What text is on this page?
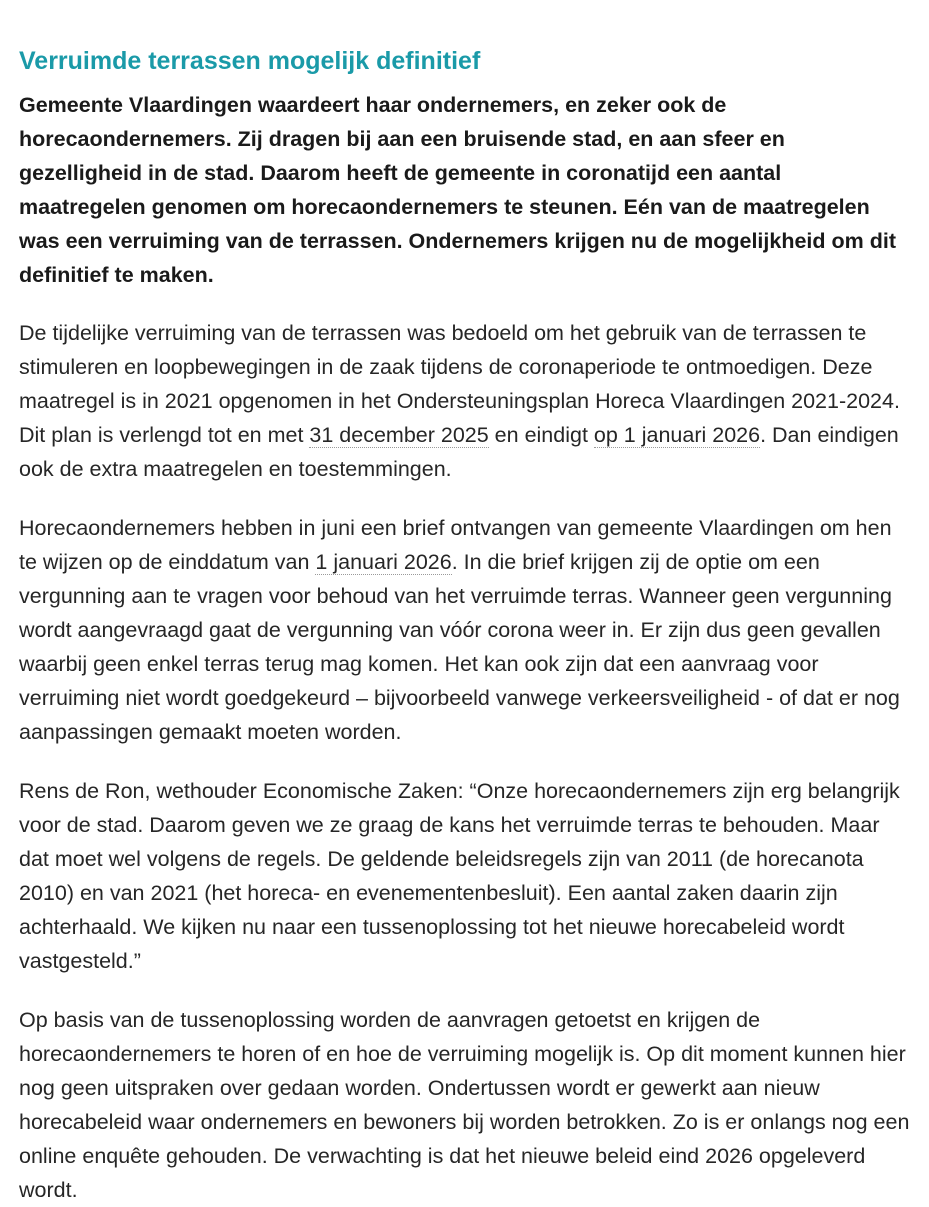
Verruimde terrassen mogelijk definitief

Gemeente Vlaardingen waardeert haar ondernemers, en zeker ook de horecaondernemers. Zij dragen bij aan een bruisende stad, en aan sfeer en gezelligheid in de stad. Daarom heeft de gemeente in coronatijd een aantal maatregelen genomen om horecaondernemers te steunen. Eén van de maatregelen was een verruiming van de terrassen. Ondernemers krijgen nu de mogelijkheid om dit definitief te maken.

De tijdelijke verruiming van de terrassen was bedoeld om het gebruik van de terrassen te stimuleren en loopbewegingen in de zaak tijdens de coronaperiode te ontmoedigen. Deze maatregel is in 2021 opgenomen in het Ondersteuningsplan Horeca Vlaardingen 2021-2024. Dit plan is verlengd tot en met 31 december 2025 en eindigt op 1 januari 2026. Dan eindigen ook de extra maatregelen en toestemmingen.

Horecaondernemers hebben in juni een brief ontvangen van gemeente Vlaardingen om hen te wijzen op de einddatum van 1 januari 2026. In die brief krijgen zij de optie om een vergunning aan te vragen voor behoud van het verruimde terras. Wanneer geen vergunning wordt aangevraagd gaat de vergunning van vóór corona weer in. Er zijn dus geen gevallen waarbij geen enkel terras terug mag komen. Het kan ook zijn dat een aanvraag voor verruiming niet wordt goedgekeurd – bijvoorbeeld vanwege verkeersveiligheid - of dat er nog aanpassingen gemaakt moeten worden.

Rens de Ron, wethouder Economische Zaken: “Onze horecaondernemers zijn erg belangrijk voor de stad. Daarom geven we ze graag de kans het verruimde terras te behouden. Maar dat moet wel volgens de regels. De geldende beleidsregels zijn van 2011 (de horecanota 2010) en van 2021 (het horeca- en evenementenbesluit). Een aantal zaken daarin zijn achterhaald. We kijken nu naar een tussenoplossing tot het nieuwe horecabeleid wordt vastgesteld.”

Op basis van de tussenoplossing worden de aanvragen getoetst en krijgen de horecaondernemers te horen of en hoe de verruiming mogelijk is. Op dit moment kunnen hier nog geen uitspraken over gedaan worden. Ondertussen wordt er gewerkt aan nieuw horecabeleid waar ondernemers en bewoners bij worden betrokken. Zo is er onlangs nog een online enquête gehouden. De verwachting is dat het nieuwe beleid eind 2026 opgeleverd wordt.
